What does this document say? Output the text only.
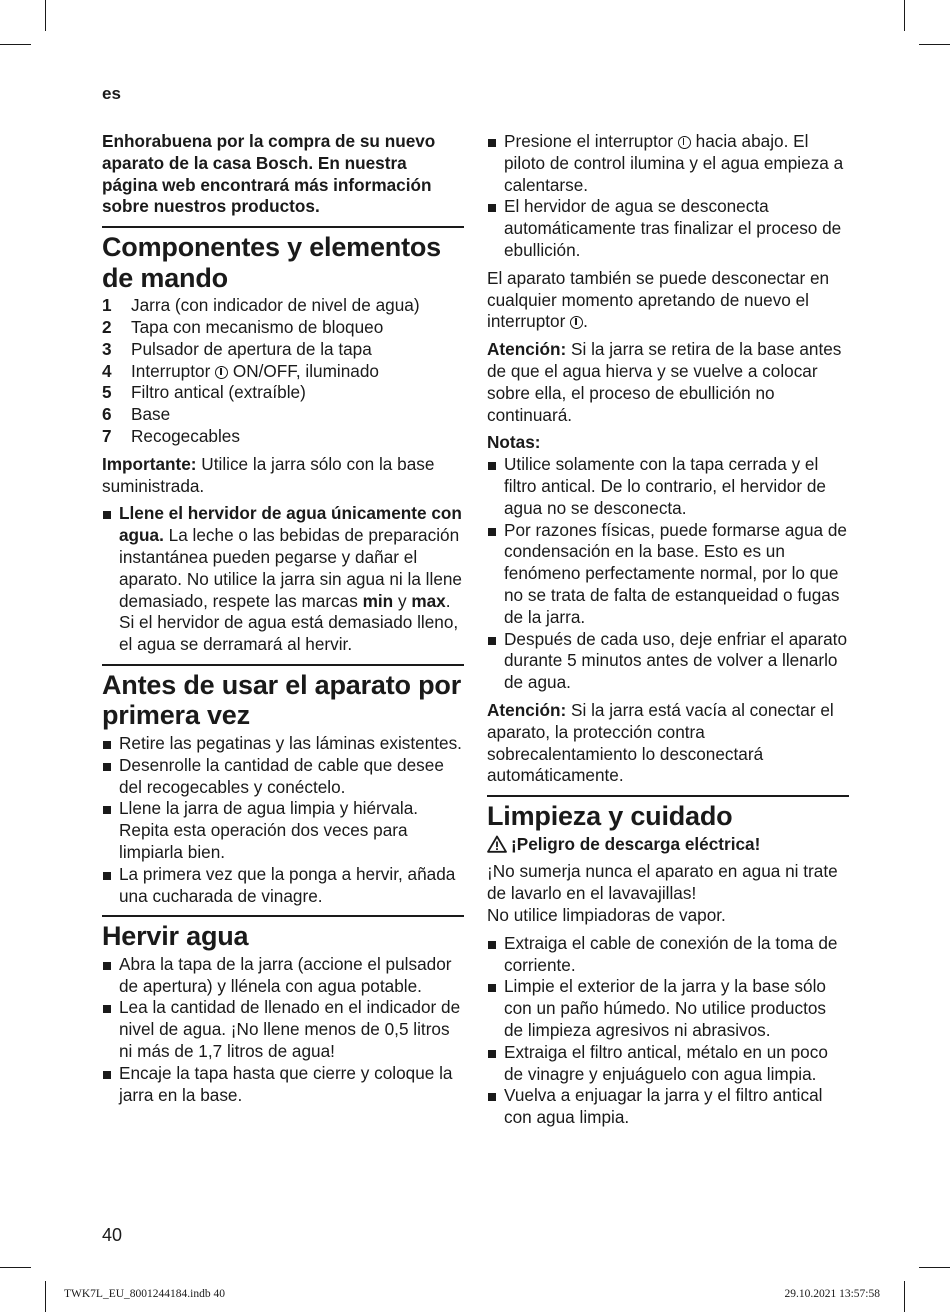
es

Enhorabuena por la compra de su nuevo aparato de la casa Bosch. En nuestra página web encontrará más información sobre nuestros productos.

Componentes y elementos de mando
1 Jarra (con indicador de nivel de agua)
2 Tapa con mecanismo de bloqueo
3 Pulsador de apertura de la tapa
4 Interruptor  ON/OFF, iluminado
5 Filtro antical (extraíble)
6 Base
7 Recogecables

Importante: Utilice la jarra sólo con la base suministrada.

Llene el hervidor de agua únicamente con agua. La leche o las bebidas de preparación instantánea pueden pegarse y dañar el aparato. No utilice la jarra sin agua ni la llene demasiado, respete las marcas min y max. Si el hervidor de agua está demasiado lleno, el agua se derramará al hervir.
Antes de usar el aparato por primera vez
Retire las pegatinas y las láminas existentes.
Desenrolle la cantidad de cable que desee del recogecables y conéctelo.
Llene la jarra de agua limpia y hiérvala. Repita esta operación dos veces para limpiarla bien.
La primera vez que la ponga a hervir, añada una cucharada de vinagre.
Hervir agua
Abra la tapa de la jarra (accione el pulsador de apertura) y llénela con agua potable.
Lea la cantidad de llenado en el indicador de nivel de agua. ¡No llene menos de 0,5 litros ni más de 1,7 litros de agua!
Encaje la tapa hasta que cierre y coloque la jarra en la base.
Presione el interruptor  hacia abajo. El piloto de control ilumina y el agua empieza a calentarse.
El hervidor de agua se desconecta automáticamente tras finalizar el proceso de ebullición.

El aparato también se puede desconectar en cualquier momento apretando de nuevo el interruptor .

Atención: Si la jarra se retira de la base antes de que el agua hierva y se vuelve a colocar sobre ella, el proceso de ebullición no continuará.

Notas:

Utilice solamente con la tapa cerrada y el filtro antical. De lo contrario, el hervidor de agua no se desconecta.
Por razones físicas, puede formarse agua de condensación en la base. Esto es un fenómeno perfectamente normal, por lo que no se trata de falta de estanqueidad o fugas de la jarra.
Después de cada uso, deje enfriar el aparato durante 5 minutos antes de volver a llenarlo de agua.

Atención: Si la jarra está vacía al conectar el aparato, la protección contra sobrecalentamiento lo desconectará automáticamente.

Limpieza y cuidado

¡Peligro de descarga eléctrica!

¡No sumerja nunca el aparato en agua ni trate de lavarlo en el lavavajillas!

No utilice limpiadoras de vapor.

Extraiga el cable de conexión de la toma de corriente.
Limpie el exterior de la jarra y la base sólo con un paño húmedo. No utilice productos de limpieza agresivos ni abrasivos.
Extraiga el filtro antical, métalo en un poco de vinagre y enjuáguelo con agua limpia.
Vuelva a enjuagar la jarra y el filtro antical con agua limpia.
40
TWK7L_EU_8001244184.indb 40	29.10.2021 13:57:58
